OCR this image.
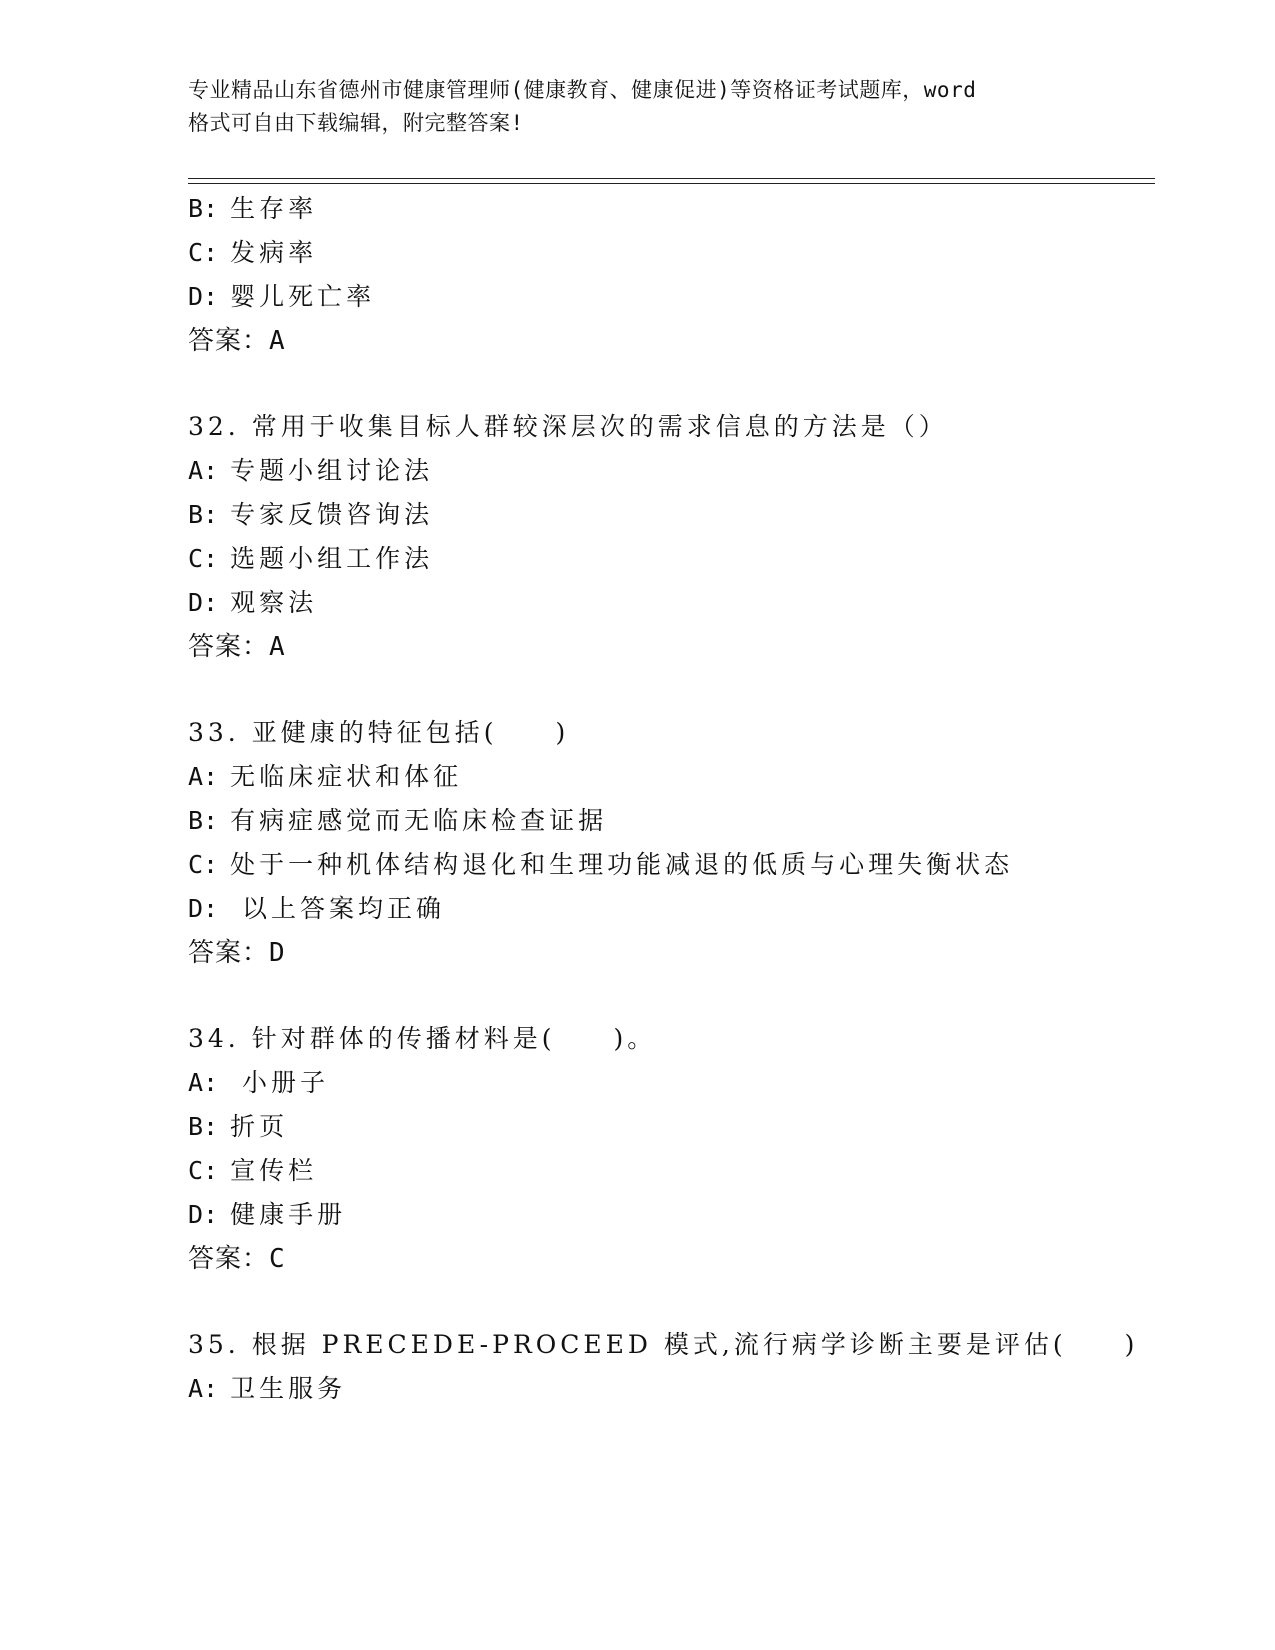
专业精品山东省德州市健康管理师(健康教育、健康促进)等资格证考试题库，word
格式可自由下载编辑，附完整答案!
B: 生存率
C: 发病率
D: 婴儿死亡率
答案：A
32. 常用于收集目标人群较深层次的需求信息的方法是（）
A: 专题小组讨论法
B: 专家反馈咨询法
C: 选题小组工作法
D: 观察法
答案：A
33. 亚健康的特征包括(　　)
A: 无临床症状和体征
B: 有病症感觉而无临床检查证据
C: 处于一种机体结构退化和生理功能减退的低质与心理失衡状态
D:  以上答案均正确
答案：D
34. 针对群体的传播材料是(　　)。
A:  小册子
B: 折页
C: 宣传栏
D: 健康手册
答案：C
35. 根据 PRECEDE-PROCEED 模式,流行病学诊断主要是评估(　　)
A: 卫生服务
